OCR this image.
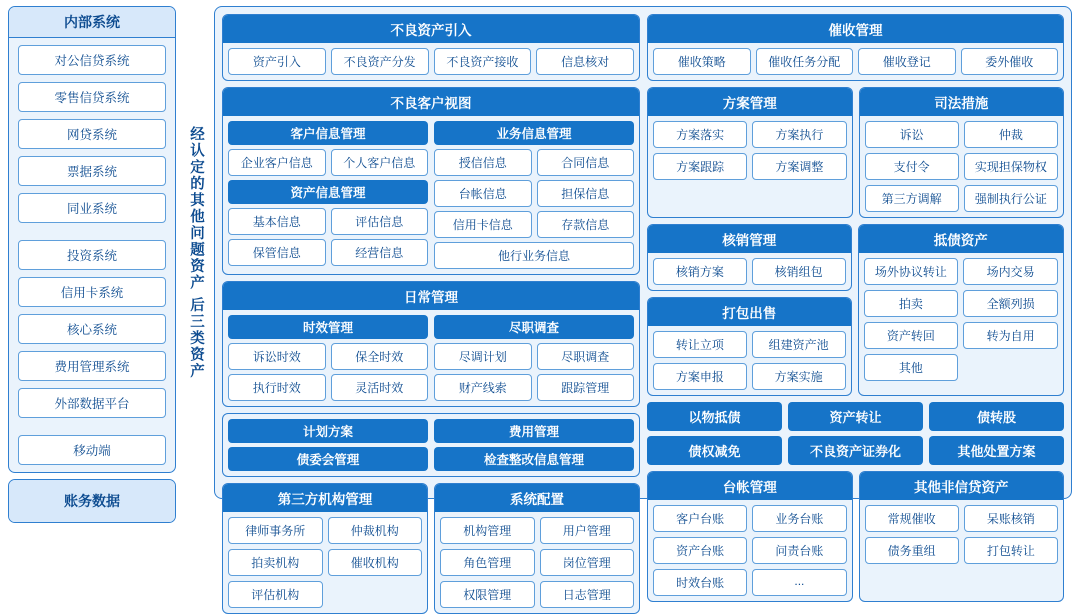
内部系统
对公信贷系统
零售信贷系统
网贷系统
票据系统
同业系统
投资系统
信用卡系统
核心系统
费用管理系统
外部数据平台
移动端
账务数据
经认定的其他问题资产 后三类资产
不良资产引入
资产引入	不良资产分发	不良资产接收	信息核对
不良客户视图
客户信息管理
企业客户信息	个人客户信息
资产信息管理
基本信息	评估信息
保管信息	经营信息
业务信息管理
授信信息	合同信息
台帐信息	担保信息
信用卡信息	存款信息
他行业务信息
日常管理
时效管理
诉讼时效	保全时效
执行时效	灵活时效
尽职调查
尽调计划	尽职调查
财产线索	跟踪管理
计划方案
债委会管理
费用管理
检查整改信息管理
第三方机构管理
律师事务所	仲裁机构
拍卖机构	催收机构
评估机构
系统配置
机构管理	用户管理
角色管理	岗位管理
权限管理	日志管理
催收管理
催收策略	催收任务分配	催收登记	委外催收
方案管理
方案落实	方案执行
方案跟踪	方案调整
司法措施
诉讼	仲裁
支付令	实现担保物权
第三方调解	强制执行公证
核销管理
核销方案	核销组包
打包出售
转让立项	组建资产池
方案申报	方案实施
抵债资产
场外协议转让	场内交易
拍卖	全额列损
资产转回	转为自用
其他
以物抵债
债权减免
资产转让
不良资产证券化
债转股
其他处置方案
台帐管理
客户台账	业务台账
资产台账	问责台账
时效台账	...
其他非信贷资产
常规催收	呆账核销
债务重组	打包转让
